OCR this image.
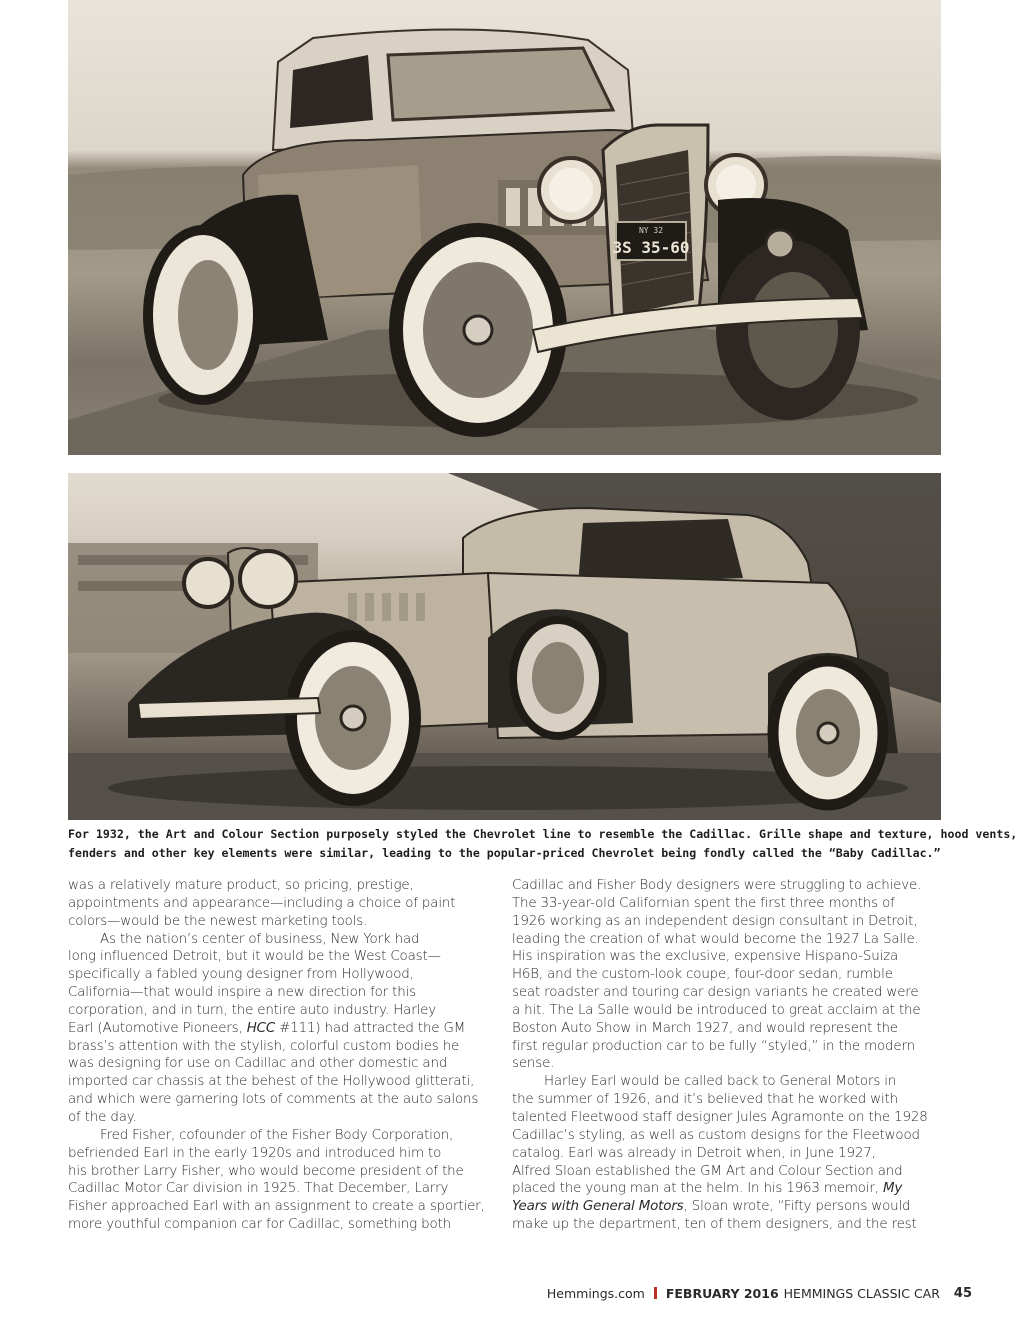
NY 32
3S 35-60
For 1932, the Art and Colour Section purposely styled the Chevrolet line to resemble the Cadillac. Grille shape and texture, hood vents,
fenders and other key elements were similar, leading to the popular-priced Chevrolet being fondly called the “Baby Cadillac.”
was a relatively mature product, so pricing, prestige,
appointments and appearance—including a choice of paint
colors—would be the newest marketing tools.
As the nation’s center of business, New York had
long influenced Detroit, but it would be the West Coast—
specifically a fabled young designer from Hollywood,
California—that would inspire a new direction for this
corporation, and in turn, the entire auto industry. Harley
Earl (Automotive Pioneers, HCC #111) had attracted the GM
brass’s attention with the stylish, colorful custom bodies he
was designing for use on Cadillac and other domestic and
imported car chassis at the behest of the Hollywood glitterati,
and which were garnering lots of comments at the auto salons
of the day.
Fred Fisher, cofounder of the Fisher Body Corporation,
befriended Earl in the early 1920s and introduced him to
his brother Larry Fisher, who would become president of the
Cadillac Motor Car division in 1925. That December, Larry
Fisher approached Earl with an assignment to create a sportier,
more youthful companion car for Cadillac, something both
Cadillac and Fisher Body designers were struggling to achieve.
The 33-year-old Californian spent the first three months of
1926 working as an independent design consultant in Detroit,
leading the creation of what would become the 1927 La Salle.
His inspiration was the exclusive, expensive Hispano-Suiza
H6B, and the custom-look coupe, four-door sedan, rumble
seat roadster and touring car design variants he created were
a hit. The La Salle would be introduced to great acclaim at the
Boston Auto Show in March 1927, and would represent the
first regular production car to be fully “styled,” in the modern
sense.
Harley Earl would be called back to General Motors in
the summer of 1926, and it’s believed that he worked with
talented Fleetwood staff designer Jules Agramonte on the 1928
Cadillac’s styling, as well as custom designs for the Fleetwood
catalog. Earl was already in Detroit when, in June 1927,
Alfred Sloan established the GM Art and Colour Section and
placed the young man at the helm. In his 1963 memoir, My
Years with General Motors, Sloan wrote, “Fifty persons would
make up the department, ten of them designers, and the rest
Hemmings.com FEBRUARY 2016 HEMMINGS CLASSIC CAR 45
